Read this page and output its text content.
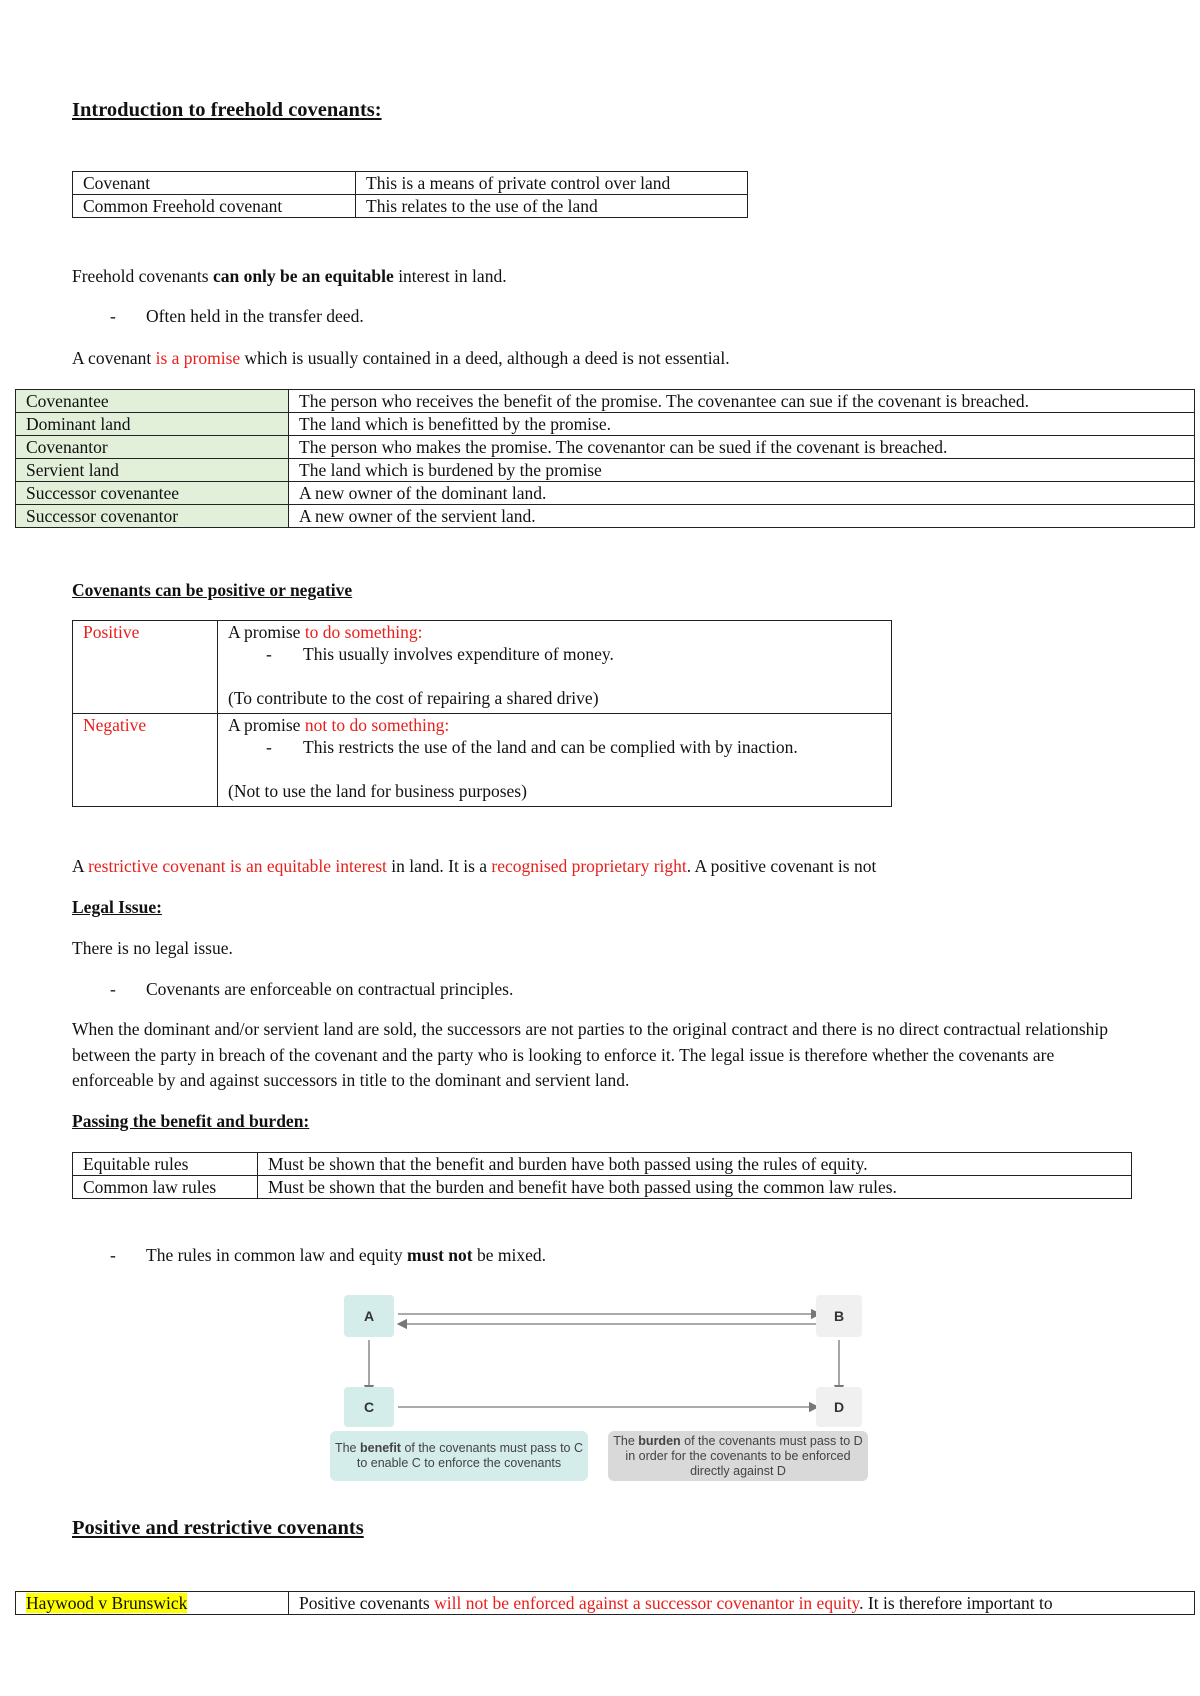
Introduction to freehold covenants:
Covenant	This is a means of private control over land
Common Freehold covenant	This relates to the use of the land
Freehold covenants can only be an equitable interest in land.
- Often held in the transfer deed.
A covenant is a promise which is usually contained in a deed, although a deed is not essential.
Covenantee	The person who receives the benefit of the promise. The covenantee can sue if the covenant is breached.
Dominant land	The land which is benefitted by the promise.
Covenantor	The person who makes the promise. The covenantor can be sued if the covenant is breached.
Servient land	The land which is burdened by the promise
Successor covenantee	A new owner of the dominant land.
Successor covenantor	A new owner of the servient land.
Covenants can be positive or negative
Positive	A promise to do something:
- This usually involves expenditure of money.
(To contribute to the cost of repairing a shared drive)

Negative	A promise not to do something:
- This restricts the use of the land and can be complied with by inaction.
(Not to use the land for business purposes)
A restrictive covenant is an equitable interest in land. It is a recognised proprietary right. A positive covenant is not
Legal Issue:
There is no legal issue.
- Covenants are enforceable on contractual principles.
When the dominant and/or servient land are sold, the successors are not parties to the original contract and there is no direct contractual relationship between the party in breach of the covenant and the party who is looking to enforce it. The legal issue is therefore whether the covenants are enforceable by and against successors in title to the dominant and servient land.
Passing the benefit and burden:
Equitable rules	Must be shown that the benefit and burden have both passed using the rules of equity.
Common law rules	Must be shown that the burden and benefit have both passed using the common law rules.
- The rules in common law and equity must not be mixed.
A	B
C	D
The benefit of the covenants must pass to C to enable C to enforce the covenants
The burden of the covenants must pass to D in order for the covenants to be enforced directly against D
Positive and restrictive covenants
Haywood v Brunswick	Positive covenants will not be enforced against a successor covenantor in equity. It is therefore important to
